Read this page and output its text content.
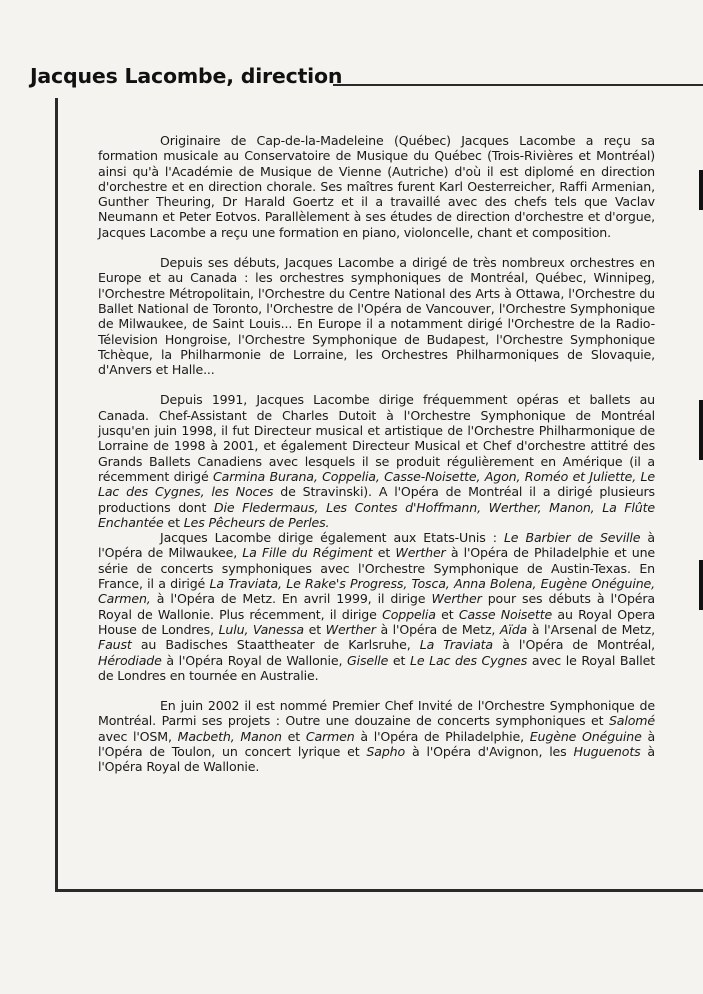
Jacques Lacombe, direction

Originaire de Cap-de-la-Madeleine (Québec) Jacques Lacombe a reçu sa formation musicale au Conservatoire de Musique du Québec (Trois-Rivières et Montréal) ainsi qu'à l'Académie de Musique de Vienne (Autriche) d'où il est diplomé en direction d'orchestre et en direction chorale. Ses maîtres furent Karl Oesterreicher, Raffi Armenian, Gunther Theuring, Dr Harald Goertz et il a travaillé avec des chefs tels que Vaclav Neumann et Peter Eotvos. Parallèlement à ses études de direction d'orchestre et d'orgue, Jacques Lacombe a reçu une formation en piano, violoncelle, chant et composition.

Depuis ses débuts, Jacques Lacombe a dirigé de très nombreux orchestres en Europe et au Canada : les orchestres symphoniques de Montréal, Québec, Winnipeg, l'Orchestre Métropolitain, l'Orchestre du Centre National des Arts à Ottawa, l'Orchestre du Ballet National de Toronto, l'Orchestre de l'Opéra de Vancouver, l'Orchestre Symphonique de Milwaukee, de Saint Louis... En Europe il a notamment dirigé l'Orchestre de la Radio-Télevision Hongroise, l'Orchestre Symphonique de Budapest, l'Orchestre Symphonique Tchèque, la Philharmonie de Lorraine, les Orchestres Philharmoniques de Slovaquie, d'Anvers et Halle...

Depuis 1991, Jacques Lacombe dirige fréquemment opéras et ballets au Canada. Chef-Assistant de Charles Dutoit à l'Orchestre Symphonique de Montréal jusqu'en juin 1998, il fut Directeur musical et artistique de l'Orchestre Philharmonique de Lorraine de 1998 à 2001, et également Directeur Musical et Chef d'orchestre attitré des Grands Ballets Canadiens avec lesquels il se produit régulièrement en Amérique (il a récemment dirigé Carmina Burana, Coppelia, Casse-Noisette, Agon, Roméo et Juliette, Le Lac des Cygnes, les Noces de Stravinski). A l'Opéra de Montréal il a dirigé plusieurs productions dont Die Fledermaus, Les Contes d'Hoffmann, Werther, Manon, La Flûte Enchantée et Les Pêcheurs de Perles.

Jacques Lacombe dirige également aux Etats-Unis : Le Barbier de Seville à l'Opéra de Milwaukee, La Fille du Régiment et Werther à l'Opéra de Philadelphie et une série de concerts symphoniques avec l'Orchestre Symphonique de Austin-Texas. En France, il a dirigé La Traviata, Le Rake's Progress, Tosca, Anna Bolena, Eugène Onéguine, Carmen, à l'Opéra de Metz. En avril 1999, il dirige Werther pour ses débuts à l'Opéra Royal de Wallonie. Plus récemment, il dirige Coppelia et Casse Noisette au Royal Opera House de Londres, Lulu, Vanessa et Werther à l'Opéra de Metz, Aïda à l'Arsenal de Metz, Faust au Badisches Staattheater de Karlsruhe, La Traviata à l'Opéra de Montréal, Hérodiade à l'Opéra Royal de Wallonie, Giselle et Le Lac des Cygnes avec le Royal Ballet de Londres en tournée en Australie.

En juin 2002 il est nommé Premier Chef Invité de l'Orchestre Symphonique de Montréal. Parmi ses projets : Outre une douzaine de concerts symphoniques et Salomé avec l'OSM, Macbeth, Manon et Carmen à l'Opéra de Philadelphie, Eugène Onéguine à l'Opéra de Toulon, un concert lyrique et Sapho à l'Opéra d'Avignon, les Huguenots à l'Opéra Royal de Wallonie.
